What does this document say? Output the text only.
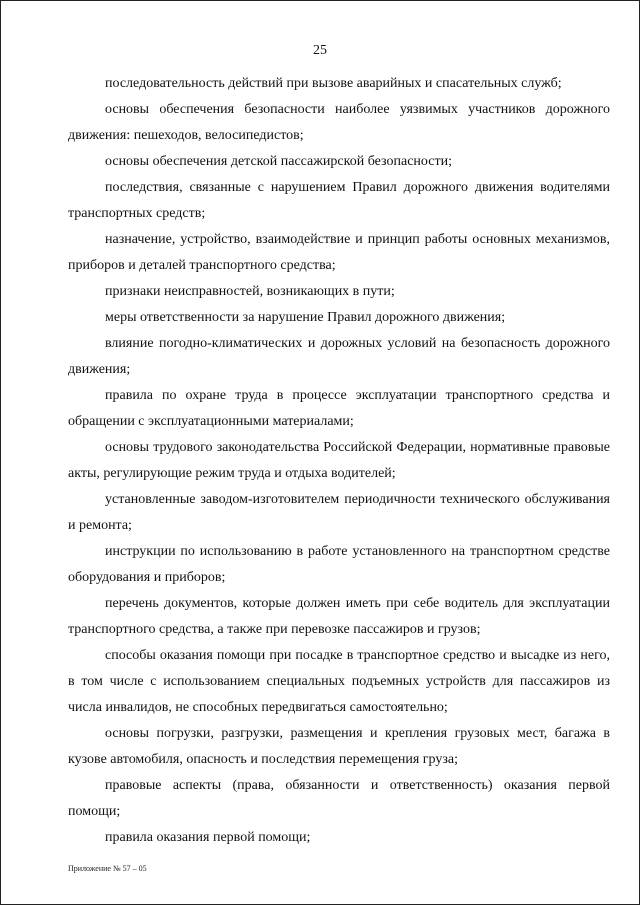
25

последовательность действий при вызове аварийных и спасательных служб;

основы обеспечения безопасности наиболее уязвимых участников дорожного движения: пешеходов, велосипедистов;

основы обеспечения детской пассажирской безопасности;

последствия, связанные с нарушением Правил дорожного движения водителями транспортных средств;

назначение, устройство, взаимодействие и принцип работы основных механизмов, приборов и деталей транспортного средства;

признаки неисправностей, возникающих в пути;

меры ответственности за нарушение Правил дорожного движения;

влияние погодно-климатических и дорожных условий на безопасность дорожного движения;

правила по охране труда в процессе эксплуатации транспортного средства и обращении с эксплуатационными материалами;

основы трудового законодательства Российской Федерации, нормативные правовые акты, регулирующие режим труда и отдыха водителей;

установленные заводом-изготовителем периодичности технического обслуживания и ремонта;

инструкции по использованию в работе установленного на транспортном средстве оборудования и приборов;

перечень документов, которые должен иметь при себе водитель для эксплуатации транспортного средства, а также при перевозке пассажиров и грузов;

способы оказания помощи при посадке в транспортное средство и высадке из него, в том числе с использованием специальных подъемных устройств для пассажиров из числа инвалидов, не способных передвигаться самостоятельно;

основы погрузки, разгрузки, размещения и крепления грузовых мест, багажа в кузове автомобиля, опасность и последствия перемещения груза;

правовые аспекты (права, обязанности и ответственность) оказания первой помощи;

правила оказания первой помощи;

Приложение № 57 – 05
